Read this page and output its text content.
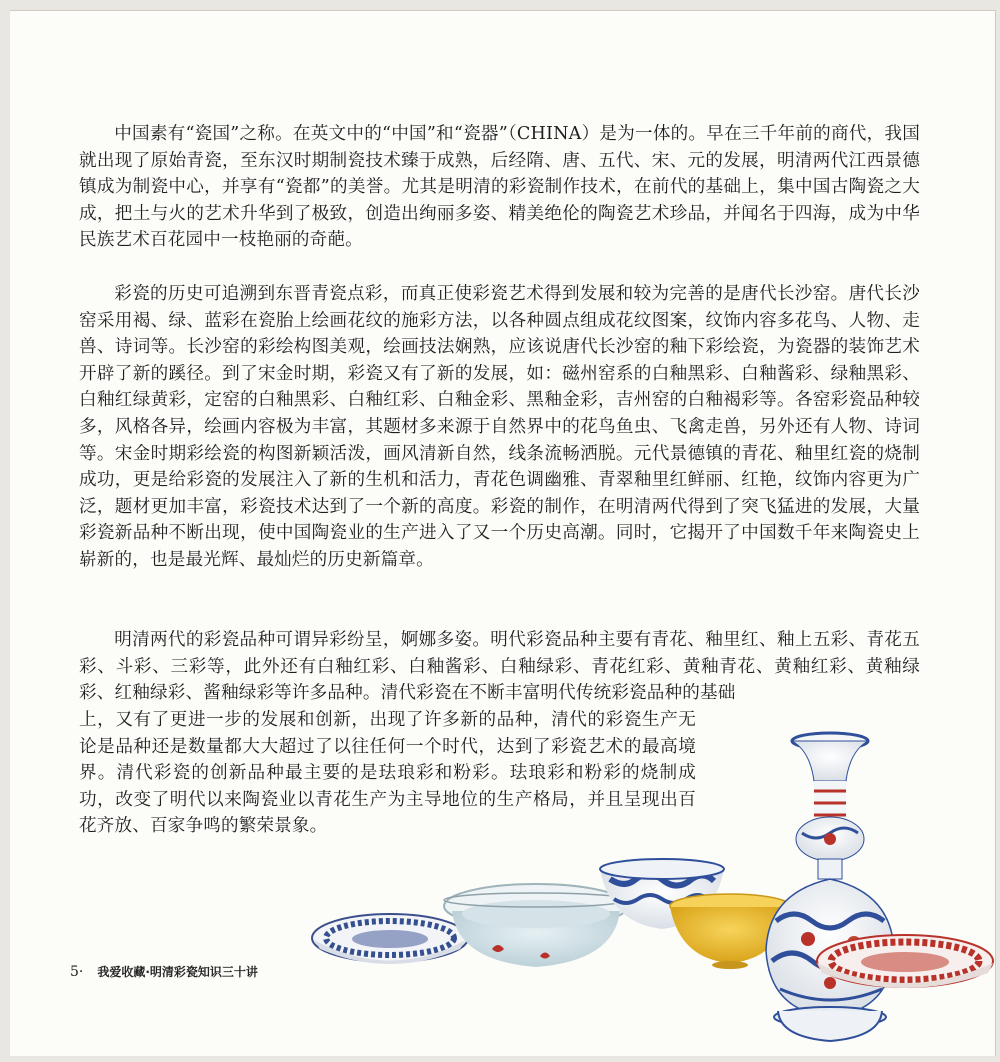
中国素有“瓷国”之称。在英文中的“中国”和“瓷器”（CHINA）是为一体的。早在三千年前的商代，我国就出现了原始青瓷，至东汉时期制瓷技术臻于成熟，后经隋、唐、五代、宋、元的发展，明清两代江西景德镇成为制瓷中心，并享有“瓷都”的美誉。尤其是明清的彩瓷制作技术，在前代的基础上，集中国古陶瓷之大成，把土与火的艺术升华到了极致，创造出绚丽多姿、精美绝伦的陶瓷艺术珍品，并闻名于四海，成为中华民族艺术百花园中一枝艳丽的奇葩。

彩瓷的历史可追溯到东晋青瓷点彩，而真正使彩瓷艺术得到发展和较为完善的是唐代长沙窑。唐代长沙窑采用褐、绿、蓝彩在瓷胎上绘画花纹的施彩方法，以各种圆点组成花纹图案，纹饰内容多花鸟、人物、走兽、诗词等。长沙窑的彩绘构图美观，绘画技法娴熟，应该说唐代长沙窑的釉下彩绘瓷，为瓷器的装饰艺术开辟了新的蹊径。到了宋金时期，彩瓷又有了新的发展，如：磁州窑系的白釉黑彩、白釉酱彩、绿釉黑彩、白釉红绿黄彩，定窑的白釉黑彩、白釉红彩、白釉金彩、黑釉金彩，吉州窑的白釉褐彩等。各窑彩瓷品种较多，风格各异，绘画内容极为丰富，其题材多来源于自然界中的花鸟鱼虫、飞禽走兽，另外还有人物、诗词等。宋金时期彩绘瓷的构图新颖活泼，画风清新自然，线条流畅洒脱。元代景德镇的青花、釉里红瓷的烧制成功，更是给彩瓷的发展注入了新的生机和活力，青花色调幽雅、青翠釉里红鲜丽、红艳，纹饰内容更为广泛，题材更加丰富，彩瓷技术达到了一个新的高度。彩瓷的制作，在明清两代得到了突飞猛进的发展，大量彩瓷新品种不断出现，使中国陶瓷业的生产进入了又一个历史高潮。同时，它揭开了中国数千年来陶瓷史上崭新的，也是最光辉、最灿烂的历史新篇章。

明清两代的彩瓷品种可谓异彩纷呈，婀娜多姿。明代彩瓷品种主要有青花、釉里红、釉上五彩、青花五彩、斗彩、三彩等，此外还有白釉红彩、白釉酱彩、白釉绿彩、青花红彩、黄釉青花、黄釉红彩、黄釉绿彩、红釉绿彩、酱釉绿彩等许多品种。清代彩瓷在不断丰富明代传统彩瓷品种的基础

上，又有了更进一步的发展和创新，出现了许多新的品种，清代的彩瓷生产无论是品种还是数量都大大超过了以往任何一个时代，达到了彩瓷艺术的最高境界。清代彩瓷的创新品种最主要的是珐琅彩和粉彩。珐琅彩和粉彩的烧制成功，改变了明代以来陶瓷业以青花生产为主导地位的生产格局，并且呈现出百花齐放、百家争鸣的繁荣景象。

5· 我爱收藏·明清彩瓷知识三十讲
